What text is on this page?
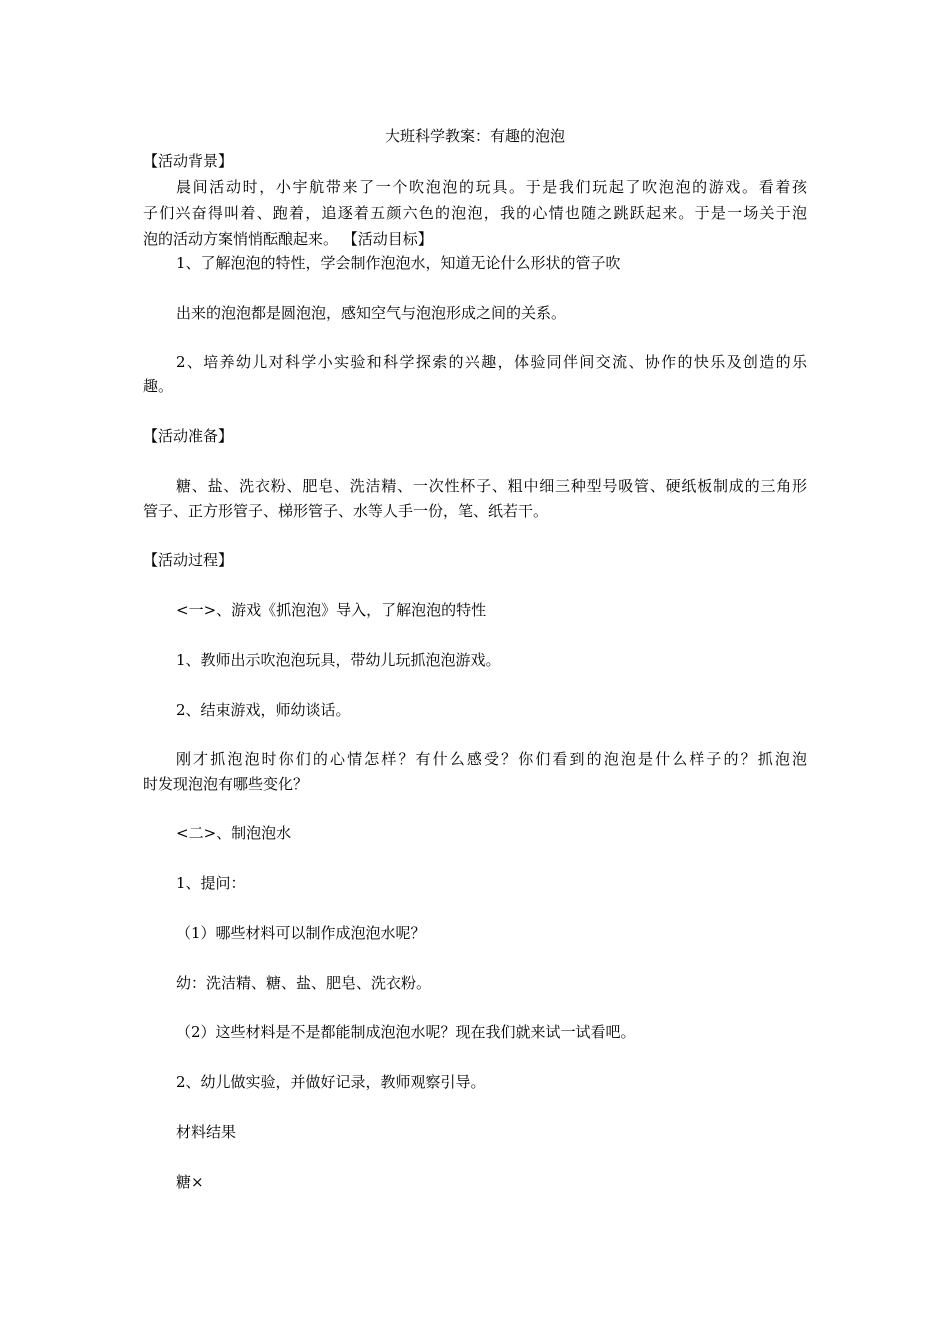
大班科学教案：有趣的泡泡
【活动背景】
晨间活动时，小宇航带来了一个吹泡泡的玩具。于是我们玩起了吹泡泡的游戏。看着孩
子们兴奋得叫着、跑着，追逐着五颜六色的泡泡，我的心情也随之跳跃起来。于是一场关于泡
泡的活动方案悄悄酝酿起来。 【活动目标】
1、了解泡泡的特性，学会制作泡泡水，知道无论什么形状的管子吹
出来的泡泡都是圆泡泡，感知空气与泡泡形成之间的关系。
2、培养幼儿对科学小实验和科学探索的兴趣，体验同伴间交流、协作的快乐及创造的乐
趣。
【活动准备】
糖、盐、洗衣粉、肥皂、洗洁精、一次性杯子、粗中细三种型号吸管、硬纸板制成的三角形
管子、正方形管子、梯形管子、水等人手一份，笔、纸若干。
【活动过程】
<一>、游戏《抓泡泡》导入，了解泡泡的特性
1、教师出示吹泡泡玩具，带幼儿玩抓泡泡游戏。
2、结束游戏，师幼谈话。
刚才抓泡泡时你们的心情怎样？有什么感受？你们看到的泡泡是什么样子的？抓泡泡
时发现泡泡有哪些变化？
<二>、制泡泡水
1、提问：
（1）哪些材料可以制作成泡泡水呢？
幼：洗洁精、糖、盐、肥皂、洗衣粉。
（2）这些材料是不是都能制成泡泡水呢？现在我们就来试一试看吧。
2、幼儿做实验，并做好记录，教师观察引导。
材料结果
糖×
